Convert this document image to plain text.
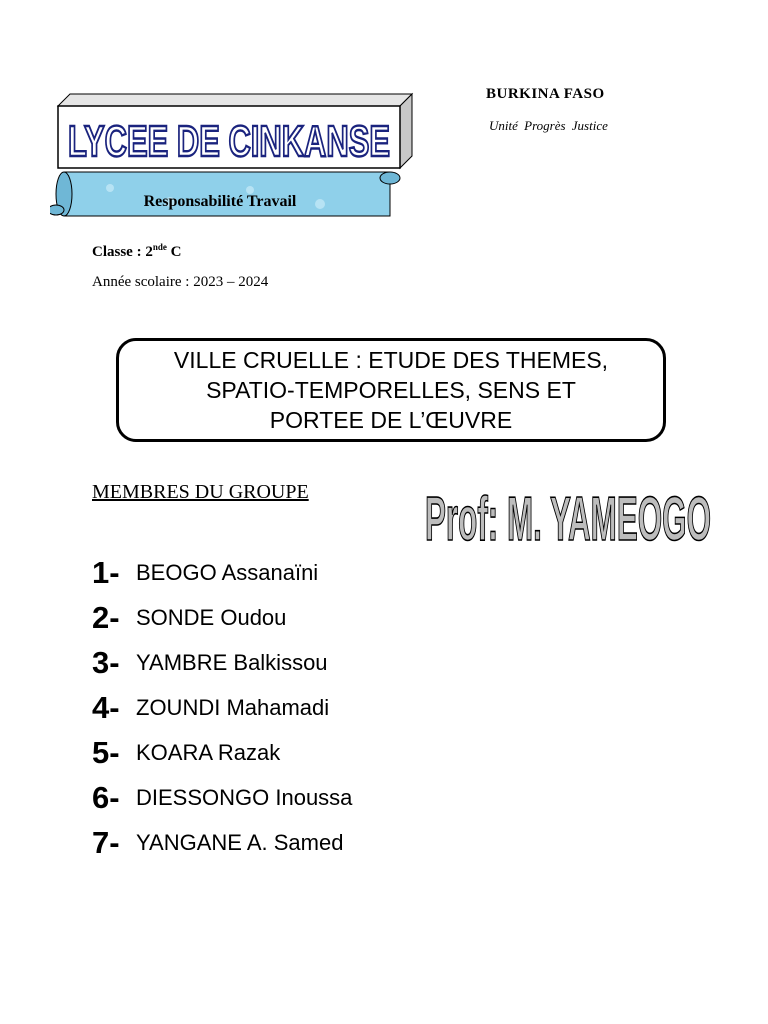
Responsabilité Travail
LYCEE DE CINKANSE
BURKINA FASO
Unité Progrès Justice
Classe : 2nde C
Année scolaire : 2023 – 2024
VILLE CRUELLE : ETUDE DES THEMES,
SPATIO-TEMPORELLES, SENS ET
PORTEE DE L’ŒUVRE
MEMBRES DU GROUPE Prof: M. YAMEOGO
1- BEOGO Assanaïni
2- SONDE Oudou
3- YAMBRE Balkissou
4- ZOUNDI Mahamadi
5- KOARA Razak
6- DIESSONGO Inoussa
7- YANGANE A. Samed
